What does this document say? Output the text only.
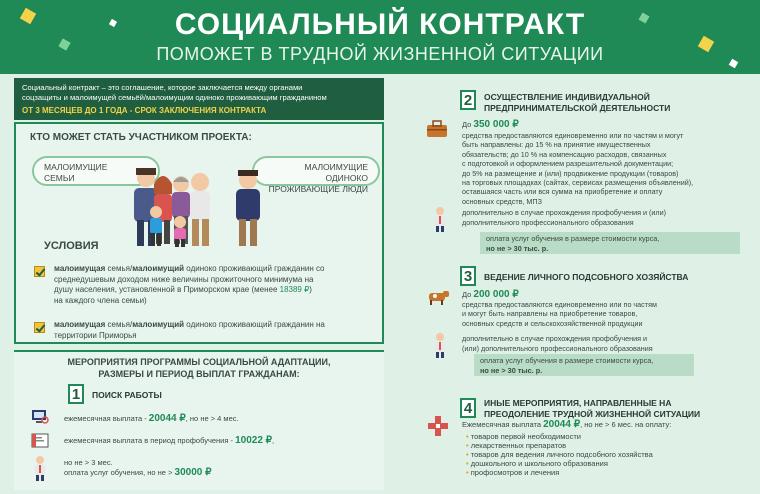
СОЦИАЛЬНЫЙ КОНТРАКТ
ПОМОЖЕТ В ТРУДНОЙ ЖИЗНЕННОЙ СИТУАЦИИ
Социальный контракт – это соглашение, которое заключается между органами
соцзащиты и малоимущей семьёй/малоимущим одиноко проживающим гражданином
ОТ 3 МЕСЯЦЕВ ДО 1 ГОДА - СРОК ЗАКЛЮЧЕНИЯ КОНТРАКТА
КТО МОЖЕТ СТАТЬ УЧАСТНИКОМ ПРОЕКТА:
МАЛОИМУЩИЕ
СЕМЬИ
МАЛОИМУЩИЕ ОДИНОКО
ПРОЖИВАЮЩИЕ ЛЮДИ
УСЛОВИЯ
малоимущая семья/малоимущий одиноко проживающий гражданин со
среднедушевым доходом ниже величины прожиточного минимума на
душу населения, установленной в Приморском крае (менее 18389 ₽)
на каждого члена семьи)
малоимущая семья/малоимущий одиноко проживающий гражданин на
территории Приморья
МЕРОПРИЯТИЯ ПРОГРАММЫ СОЦИАЛЬНОЙ АДАПТАЦИИ,
РАЗМЕРЫ И ПЕРИОД ВЫПЛАТ ГРАЖДАНАМ:
1	ПОИСК РАБОТЫ
ежемесячная выплата - 20044 ₽, но не > 4 мес.
ежемесячная выплата в период профобучения - 10022 ₽,
но не > 3 мес.
оплата услуг обучения, но не > 30000 ₽
2	ОСУЩЕСТВЛЕНИЕ ИНДИВИДУАЛЬНОЙ
ПРЕДПРИНИМАТЕЛЬСКОЙ ДЕЯТЕЛЬНОСТИ
До 350 000 ₽
средства предоставляются единовременно или по частям и могут
быть направлены: до 15 % на принятие имущественных
обязательств; до 10 % на компенсацию расходов, связанных
с подготовкой и оформлением разрешительной документации;
до 5% на размещение и (или) продвижение продукции (товаров)
на торговых площадках (сайтах, сервисах размещения объявлений),
оставшаяся часть или вся сумма на приобретение и оплату
основных средств, МПЗ
дополнительно в случае прохождения профобучения и (или)
дополнительного профессионального образования
оплата услуг обучения в размере стоимости курса,
но не > 30 тыс. р.
3	ВЕДЕНИЕ ЛИЧНОГО ПОДСОБНОГО ХОЗЯЙСТВА
До 200 000 ₽
средства предоставляются единовременно или по частям
и могут быть направлены на приобретение товаров,
основных средств и сельскохозяйственной продукции
дополнительно в случае прохождения профобучения и
(или) дополнительного профессионального образования
оплата услуг обучения в размере стоимости курса,
но не > 30 тыс. р.
4	ИНЫЕ МЕРОПРИЯТИЯ, НАПРАВЛЕННЫЕ НА
ПРЕОДОЛЕНИЕ ТРУДНОЙ ЖИЗНЕННОЙ СИТУАЦИИ
Ежемесячная выплата 20044 ₽, но не > 6 мес. на оплату:
• товаров первой необходимости
• лекарственных препаратов
• товаров для ведения личного подсобного хозяйства
• дошкольного и школьного образования
• профосмотров и лечения
